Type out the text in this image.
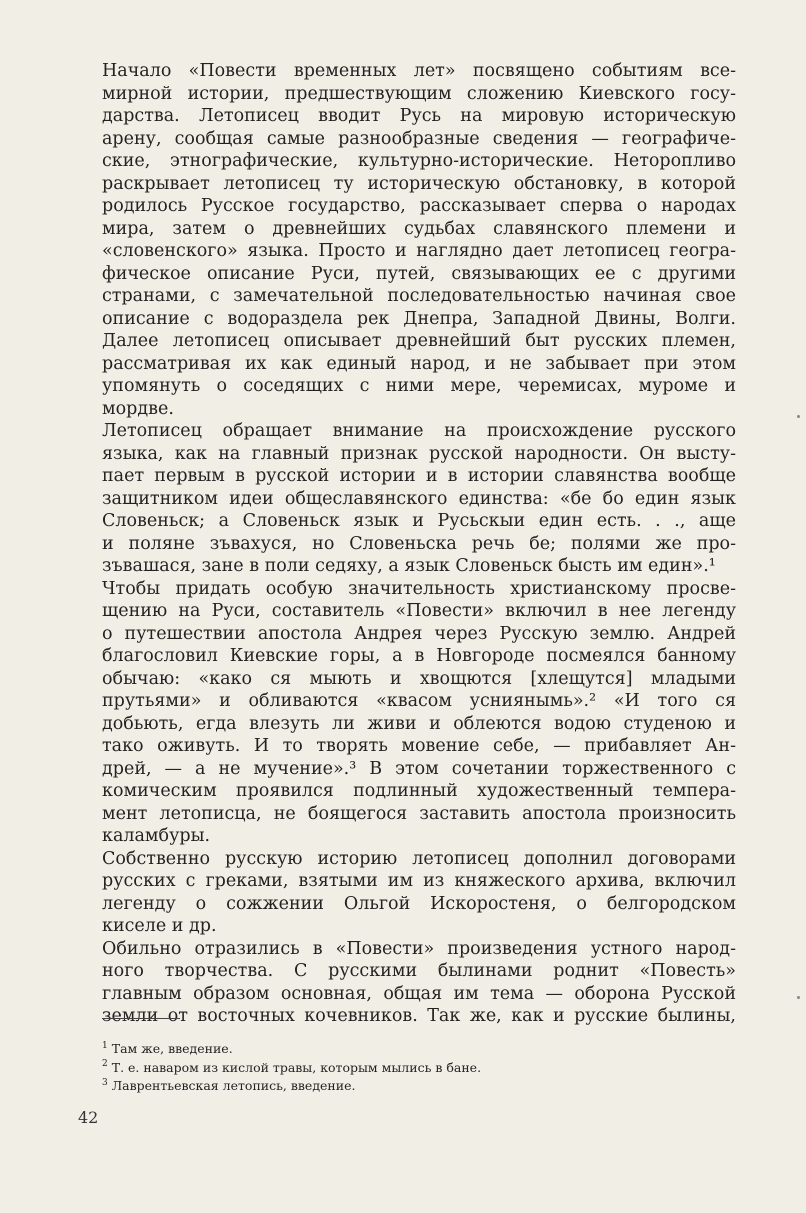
Начало «Повести временных лет» посвящено событиям все-
мирной истории, предшествующим сложению Киевского госу-
дарства. Летописец вводит Русь на мировую историческую
арену, сообщая самые разнообразные сведения — географиче-
ские, этнографические, культурно-исторические. Неторопливо
раскрывает летописец ту историческую обстановку, в которой
родилось Русское государство, рассказывает сперва о народах
мира, затем о древнейших судьбах славянского племени и
«словенского» языка. Просто и наглядно дает летописец геогра-
фическое описание Руси, путей, связывающих ее с другими
странами, с замечательной последовательностью начиная свое
описание с водораздела рек Днепра, Западной Двины, Волги.
Далее летописец описывает древнейший быт русских племен,
рассматривая их как единый народ, и не забывает при этом
упомянуть о соседящих с ними мере, черемисах, муроме и
мордве.

Летописец обращает внимание на происхождение русского
языка, как на главный признак русской народности. Он высту-
пает первым в русской истории и в истории славянства вообще
защитником идеи общеславянского единства: «бе бо един язык
Словеньск; а Словеньск язык и Русьскыи един есть. . ., аще
и поляне зъвахуся, но Словеньска речь бе; полями же про-
зъвашася, зане в поли седяху, а язык Словеньск бысть им един».¹

Чтобы придать особую значительность христианскому просве-
щению на Руси, составитель «Повести» включил в нее легенду
о путешествии апостола Андрея через Русскую землю. Андрей
благословил Киевские горы, а в Новгороде посмеялся банному
обычаю: «како ся мыють и хвощются [хлещутся] младыми
прутьями» и обливаются «квасом усниянымь».² «И того ся
добьють, егда влезуть ли живи и облеются водою студеною и
тако оживуть. И то творять мовение себе, — прибавляет Ан-
дрей, — а не мучение».³ В этом сочетании торжественного с
комическим проявился подлинный художественный темпера-
мент летописца, не боящегося заставить апостола произносить
каламбуры.

Собственно русскую историю летописец дополнил договорами
русских с греками, взятыми им из княжеского архива, включил
легенду о сожжении Ольгой Искоростеня, о белгородском
киселе и др.

Обильно отразились в «Повести» произведения устного народ-
ного творчества. С русскими былинами роднит «Повесть»
главным образом основная, общая им тема — оборона Русской
земли от восточных кочевников. Так же, как и русские былины,

$^1$ Там же, введение.
$^2$ Т. е. наваром из кислой травы, которым мылись в бане.
$^3$ Лаврентьевская летопись, введение.
42
